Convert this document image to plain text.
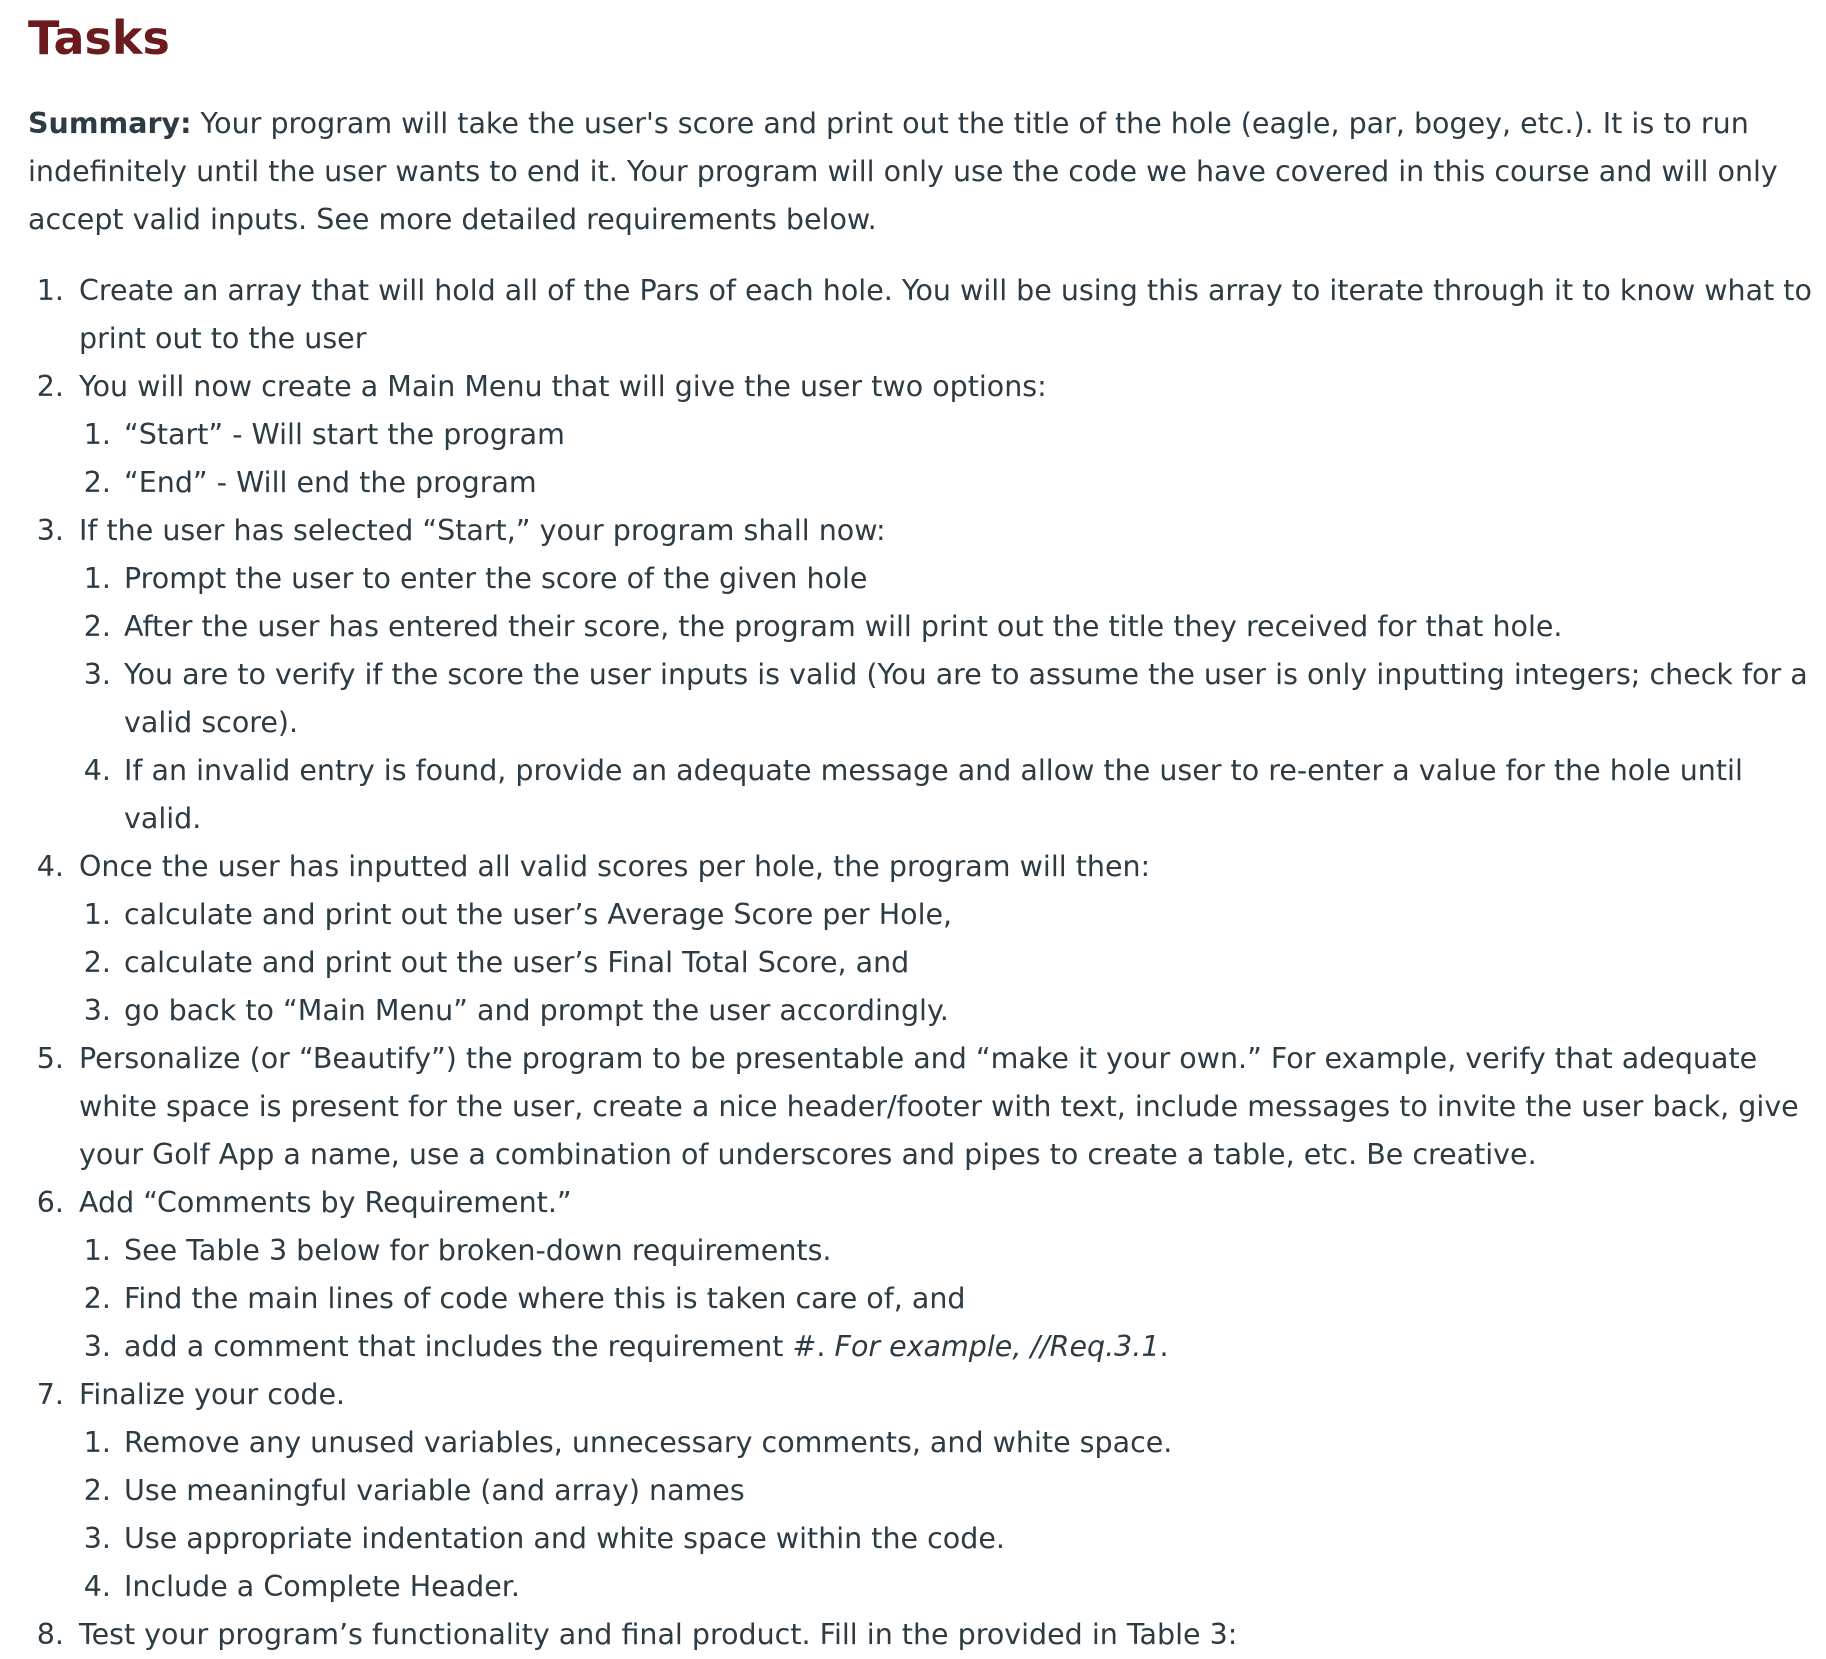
Tasks

Summary: Your program will take the user's score and print out the title of the hole (eagle, par, bogey, etc.). It is to run indefinitely until the user wants to end it. Your program will only use the code we have covered in this course and will only accept valid inputs. See more detailed requirements below.

1. Create an array that will hold all of the Pars of each hole. You will be using this array to iterate through it to know what to print out to the user
2. You will now create a Main Menu that will give the user two options:
1. “Start” - Will start the program
2. “End” - Will end the program
3. If the user has selected “Start,” your program shall now:
1. Prompt the user to enter the score of the given hole
2. After the user has entered their score, the program will print out the title they received for that hole.
3. You are to verify if the score the user inputs is valid (You are to assume the user is only inputting integers; check for a valid score).
4. If an invalid entry is found, provide an adequate message and allow the user to re-enter a value for the hole until valid.
4. Once the user has inputted all valid scores per hole, the program will then:
1. calculate and print out the user’s Average Score per Hole,
2. calculate and print out the user’s Final Total Score, and
3. go back to “Main Menu” and prompt the user accordingly.
5. Personalize (or “Beautify”) the program to be presentable and “make it your own.” For example, verify that adequate white space is present for the user, create a nice header/footer with text, include messages to invite the user back, give your Golf App a name, use a combination of underscores and pipes to create a table, etc. Be creative.
6. Add “Comments by Requirement.”
1. See Table 3 below for broken-down requirements.
2. Find the main lines of code where this is taken care of, and
3. add a comment that includes the requirement #. For example, //Req.3.1.
7. Finalize your code.
1. Remove any unused variables, unnecessary comments, and white space.
2. Use meaningful variable (and array) names
3. Use appropriate indentation and white space within the code.
4. Include a Complete Header.
8. Test your program’s functionality and final product. Fill in the provided in Table 3:
